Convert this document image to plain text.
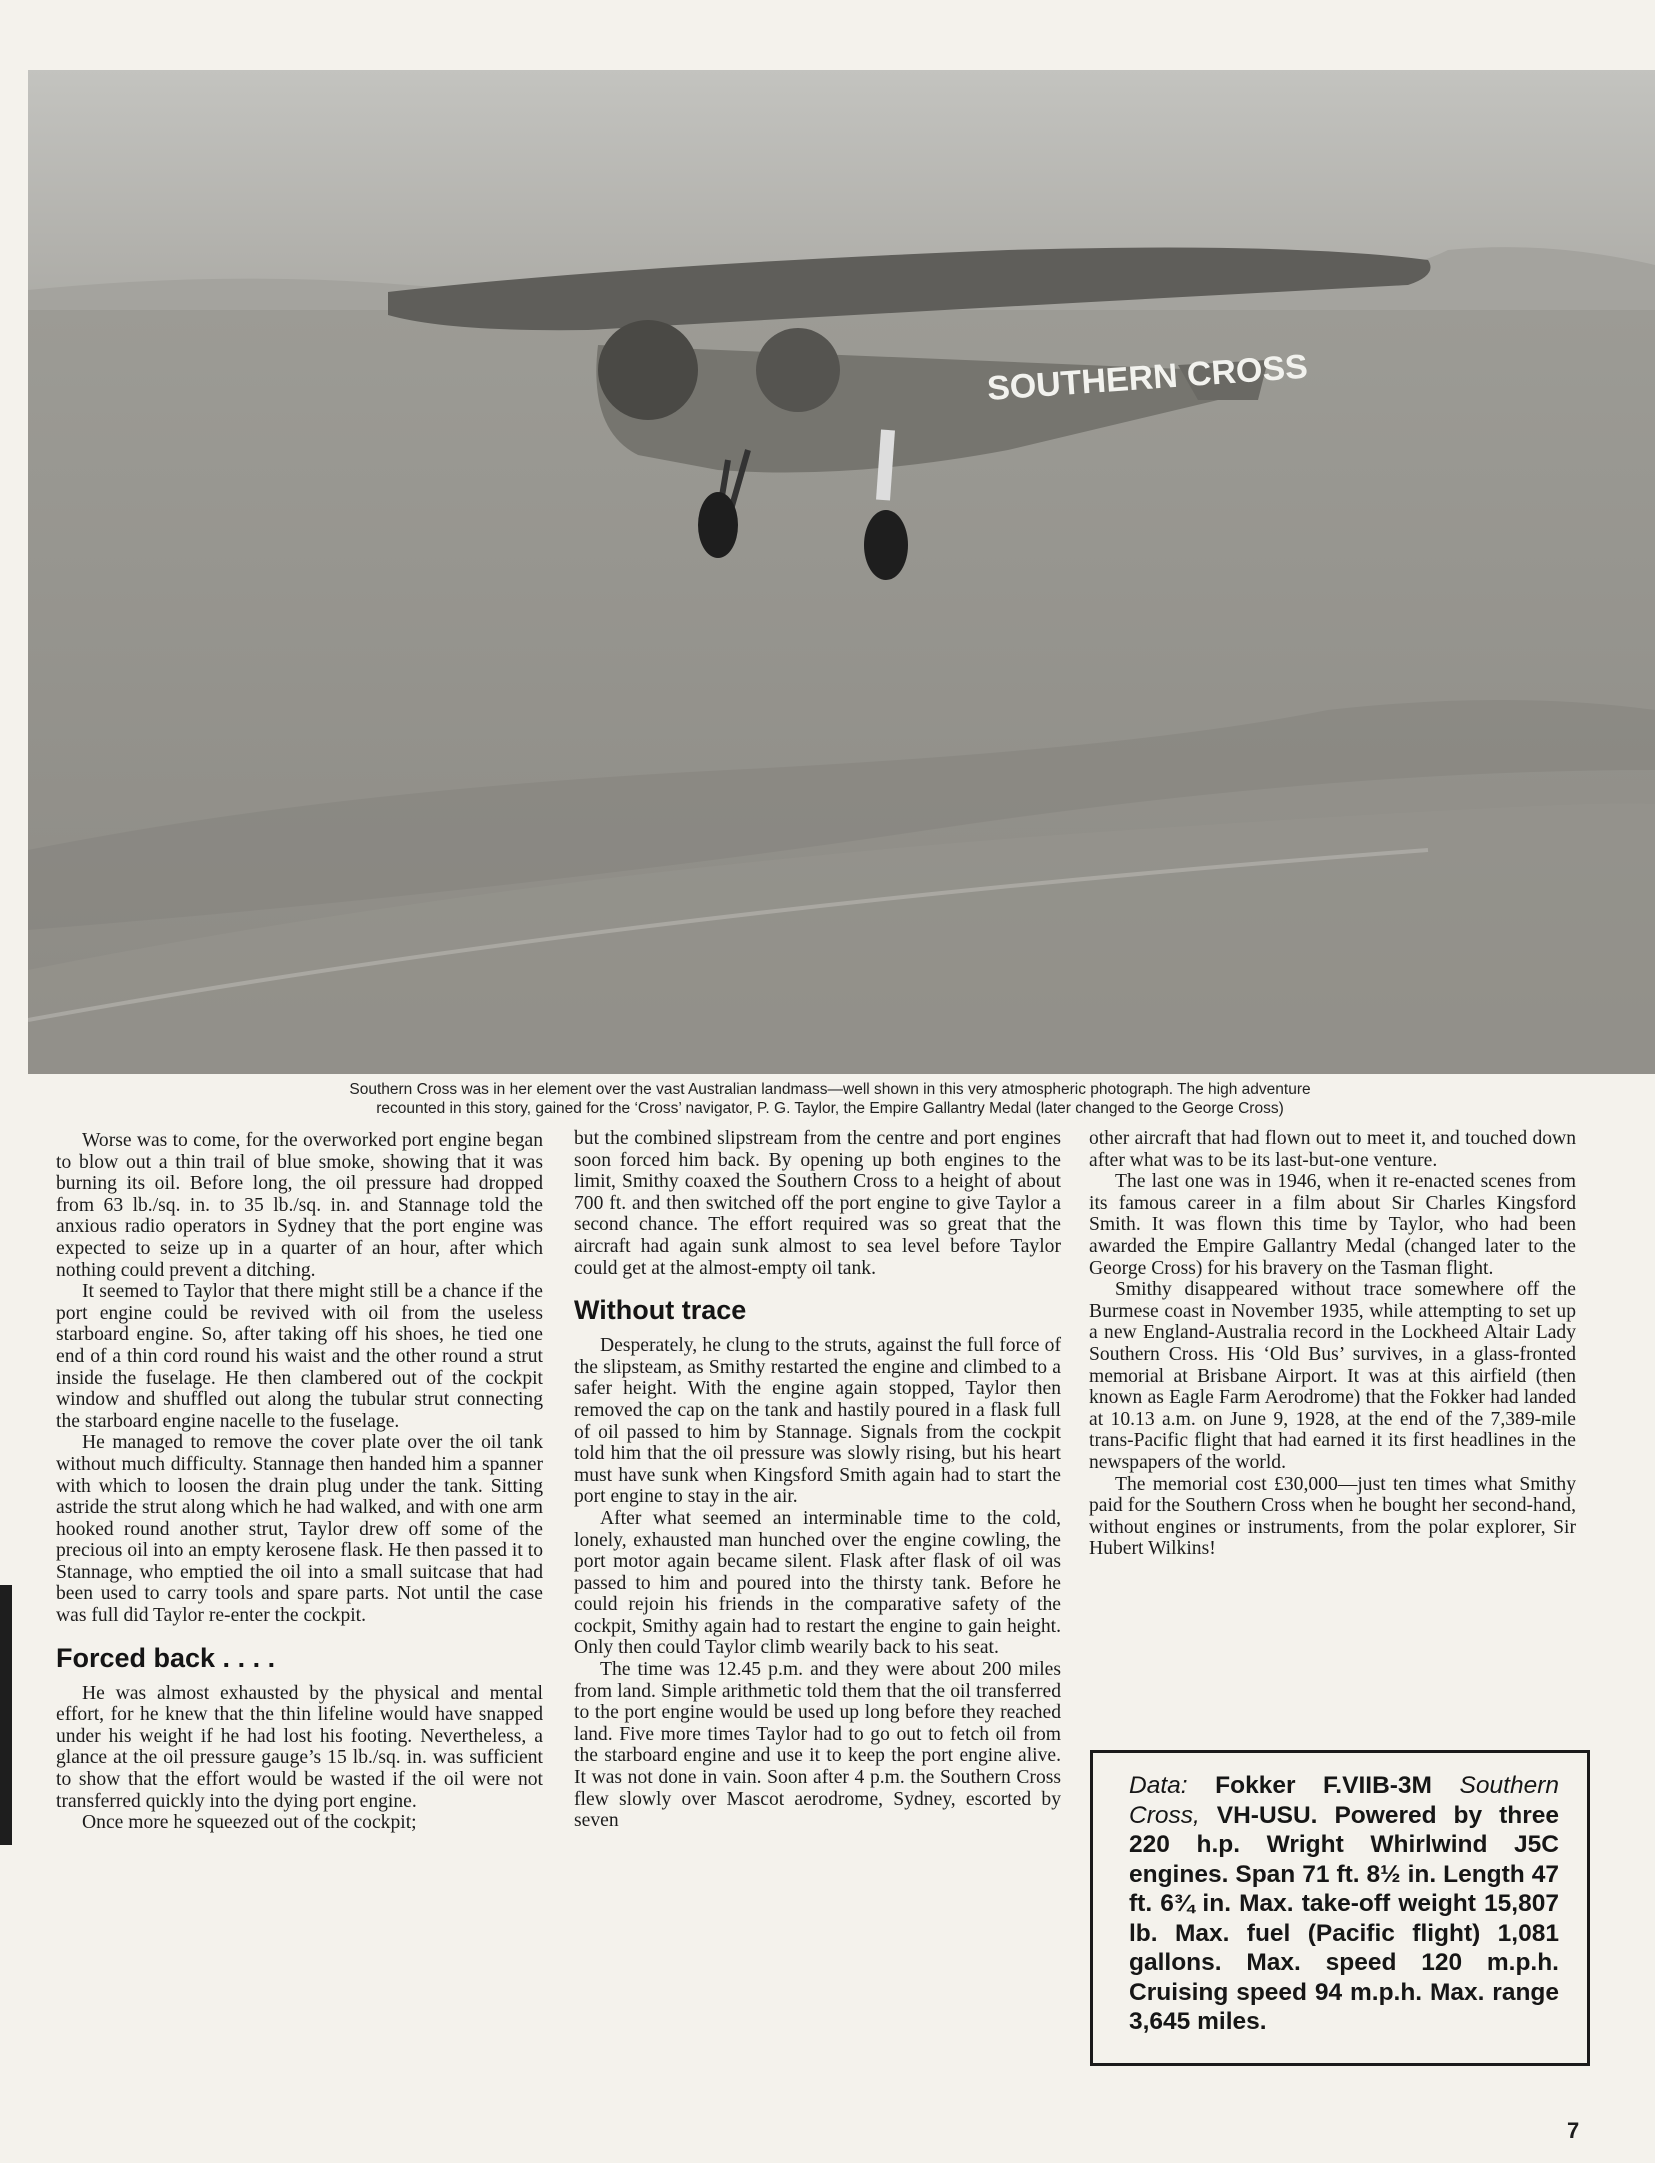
SOUTHERN CROSS
Southern Cross was in her element over the vast Australian landmass—well shown in this very atmospheric photograph. The high adventure
recounted in this story, gained for the ‘Cross’ navigator, P. G. Taylor, the Empire Gallantry Medal (later changed to the George Cross)

Worse was to come, for the overworked port engine began to blow out a thin trail of blue smoke, showing that it was burning its oil. Before long, the oil pressure had dropped from 63 lb./sq. in. to 35 lb./sq. in. and Stannage told the anxious radio operators in Sydney that the port engine was expected to seize up in a quarter of an hour, after which nothing could prevent a ditching.

It seemed to Taylor that there might still be a chance if the port engine could be revived with oil from the useless starboard engine. So, after taking off his shoes, he tied one end of a thin cord round his waist and the other round a strut inside the fuselage. He then clambered out of the cockpit window and shuffled out along the tubular strut connecting the starboard engine nacelle to the fuselage.

He managed to remove the cover plate over the oil tank without much difficulty. Stannage then handed him a spanner with which to loosen the drain plug under the tank. Sitting astride the strut along which he had walked, and with one arm hooked round another strut, Taylor drew off some of the precious oil into an empty kerosene flask. He then passed it to Stannage, who emptied the oil into a small suitcase that had been used to carry tools and spare parts. Not until the case was full did Taylor re-enter the cockpit.

Forced back . . . .

He was almost exhausted by the physical and mental effort, for he knew that the thin lifeline would have snapped under his weight if he had lost his footing. Nevertheless, a glance at the oil pressure gauge’s 15 lb./sq. in. was sufficient to show that the effort would be wasted if the oil were not transferred quickly into the dying port engine.

Once more he squeezed out of the cockpit;

but the combined slipstream from the centre and port engines soon forced him back. By opening up both engines to the limit, Smithy coaxed the Southern Cross to a height of about 700 ft. and then switched off the port engine to give Taylor a second chance. The effort required was so great that the aircraft had again sunk almost to sea level before Taylor could get at the almost-empty oil tank.

Without trace

Desperately, he clung to the struts, against the full force of the slipsteam, as Smithy restarted the engine and climbed to a safer height. With the engine again stopped, Taylor then removed the cap on the tank and hastily poured in a flask full of oil passed to him by Stannage. Signals from the cockpit told him that the oil pressure was slowly rising, but his heart must have sunk when Kingsford Smith again had to start the port engine to stay in the air.

After what seemed an interminable time to the cold, lonely, exhausted man hunched over the engine cowling, the port motor again became silent. Flask after flask of oil was passed to him and poured into the thirsty tank. Before he could rejoin his friends in the comparative safety of the cockpit, Smithy again had to restart the engine to gain height. Only then could Taylor climb wearily back to his seat.

The time was 12.45 p.m. and they were about 200 miles from land. Simple arithmetic told them that the oil transferred to the port engine would be used up long before they reached land. Five more times Taylor had to go out to fetch oil from the starboard engine and use it to keep the port engine alive. It was not done in vain. Soon after 4 p.m. the Southern Cross flew slowly over Mascot aerodrome, Sydney, escorted by seven

other aircraft that had flown out to meet it, and touched down after what was to be its last-but-one venture.

The last one was in 1946, when it re-enacted scenes from its famous career in a film about Sir Charles Kingsford Smith. It was flown this time by Taylor, who had been awarded the Empire Gallantry Medal (changed later to the George Cross) for his bravery on the Tasman flight.

Smithy disappeared without trace somewhere off the Burmese coast in November 1935, while attempting to set up a new England-Australia record in the Lockheed Altair Lady Southern Cross. His ‘Old Bus’ survives, in a glass-fronted memorial at Brisbane Airport. It was at this airfield (then known as Eagle Farm Aerodrome) that the Fokker had landed at 10.13 a.m. on June 9, 1928, at the end of the 7,389-mile trans-Pacific flight that had earned it its first headlines in the newspapers of the world.

The memorial cost £30,000—just ten times what Smithy paid for the Southern Cross when he bought her second-hand, without engines or instruments, from the polar explorer, Sir Hubert Wilkins!

Data: Fokker F.VIIB-3M Southern Cross, VH-USU. Powered by three 220 h.p. Wright Whirlwind J5C engines. Span 71 ft. 8½ in. Length 47 ft. 6¾ in. Max. take-off weight 15,807 lb. Max. fuel (Pacific flight) 1,081 gallons. Max. speed 120 m.p.h. Cruising speed 94 m.p.h. Max. range 3,645 miles.
7
